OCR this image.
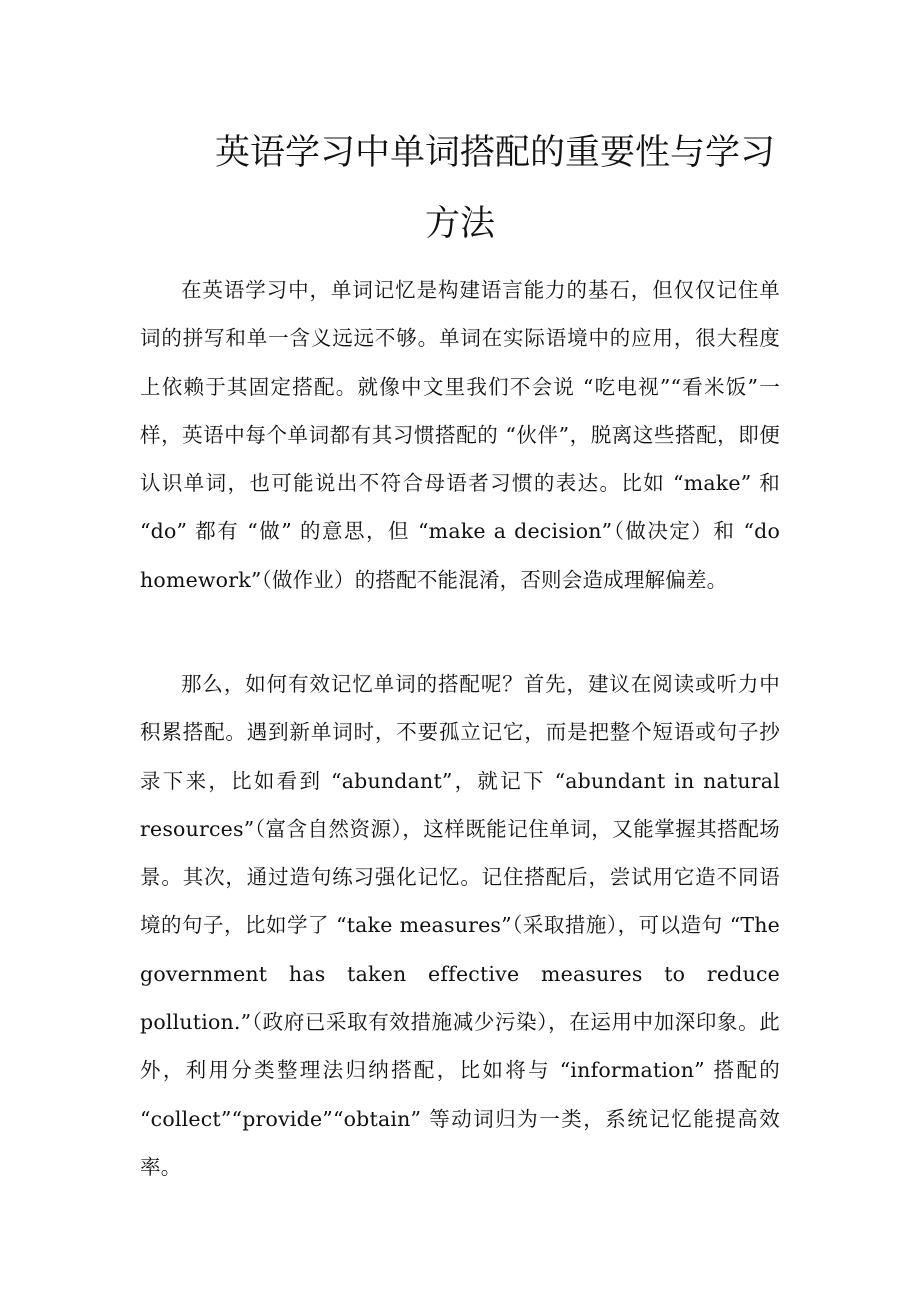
英语学习中单词搭配的重要性与学习
方法

在英语学习中，单词记忆是构建语言能力的基石，但仅仅记住单词的拼写和单一含义远远不够。单词在实际语境中的应用，很大程度上依赖于其固定搭配。就像中文里我们不会说 “吃电视”“看米饭”一样，英语中每个单词都有其习惯搭配的 “伙伴”，脱离这些搭配，即便认识单词，也可能说出不符合母语者习惯的表达。比如 “make” 和 “do” 都有 “做” 的意思，但 “make a decision”（做决定）和 “do homework”（做作业）的搭配不能混淆，否则会造成理解偏差。

那么，如何有效记忆单词的搭配呢？首先，建议在阅读或听力中积累搭配。遇到新单词时，不要孤立记它，而是把整个短语或句子抄录下来，比如看到 “abundant”，就记下 “abundant in natural resources”（富含自然资源），这样既能记住单词，又能掌握其搭配场景。其次，通过造句练习强化记忆。记住搭配后，尝试用它造不同语境的句子，比如学了 “take measures”（采取措施），可以造句 “The government has taken effective measures to reduce pollution.”（政府已采取有效措施减少污染），在运用中加深印象。此外，利用分类整理法归纳搭配，比如将与 “information” 搭配的 “collect”“provide”“obtain” 等动词归为一类，系统记忆能提高效率。
